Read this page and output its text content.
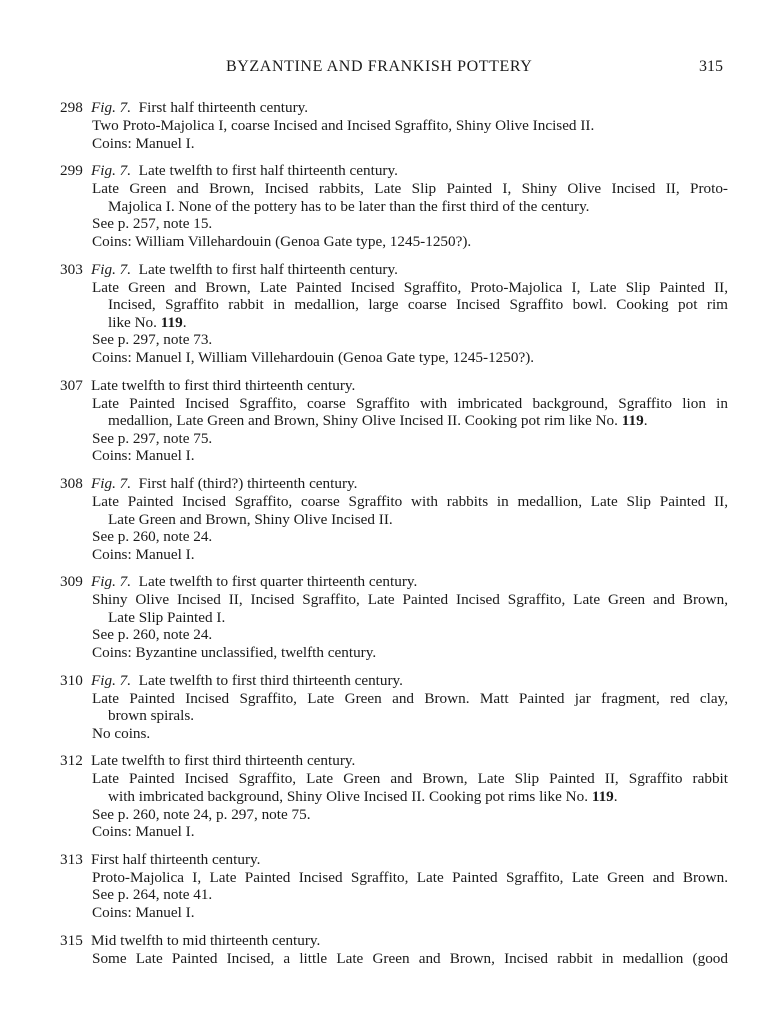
BYZANTINE AND FRANKISH POTTERY	315
298 Fig. 7. First half thirteenth century.
Two Proto-Majolica I, coarse Incised and Incised Sgraffito, Shiny Olive Incised II.
Coins: Manuel I.
299 Fig. 7. Late twelfth to first half thirteenth century.
Late Green and Brown, Incised rabbits, Late Slip Painted I, Shiny Olive Incised II, Proto-
Majolica I. None of the pottery has to be later than the first third of the century.
See p. 257, note 15.
Coins: William Villehardouin (Genoa Gate type, 1245-1250?).
303 Fig. 7. Late twelfth to first half thirteenth century.
Late Green and Brown, Late Painted Incised Sgraffito, Proto-Majolica I, Late Slip Painted II,
Incised, Sgraffito rabbit in medallion, large coarse Incised Sgraffito bowl. Cooking pot rim
like No. 119.
See p. 297, note 73.
Coins: Manuel I, William Villehardouin (Genoa Gate type, 1245-1250?).
307 Late twelfth to first third thirteenth century.
Late Painted Incised Sgraffito, coarse Sgraffito with imbricated background, Sgraffito lion in
medallion, Late Green and Brown, Shiny Olive Incised II. Cooking pot rim like No. 119.
See p. 297, note 75.
Coins: Manuel I.
308 Fig. 7. First half (third?) thirteenth century.
Late Painted Incised Sgraffito, coarse Sgraffito with rabbits in medallion, Late Slip Painted II,
Late Green and Brown, Shiny Olive Incised II.
See p. 260, note 24.
Coins: Manuel I.
309 Fig. 7. Late twelfth to first quarter thirteenth century.
Shiny Olive Incised II, Incised Sgraffito, Late Painted Incised Sgraffito, Late Green and Brown,
Late Slip Painted I.
See p. 260, note 24.
Coins: Byzantine unclassified, twelfth century.
310 Fig. 7. Late twelfth to first third thirteenth century.
Late Painted Incised Sgraffito, Late Green and Brown. Matt Painted jar fragment, red clay,
brown spirals.
No coins.
312 Late twelfth to first third thirteenth century.
Late Painted Incised Sgraffito, Late Green and Brown, Late Slip Painted II, Sgraffito rabbit
with imbricated background, Shiny Olive Incised II. Cooking pot rims like No. 119.
See p. 260, note 24, p. 297, note 75.
Coins: Manuel I.
313 First half thirteenth century.
Proto-Majolica I, Late Painted Incised Sgraffito, Late Painted Sgraffito, Late Green and Brown.
See p. 264, note 41.
Coins: Manuel I.
315 Mid twelfth to mid thirteenth century.
Some Late Painted Incised, a little Late Green and Brown, Incised rabbit in medallion (good
